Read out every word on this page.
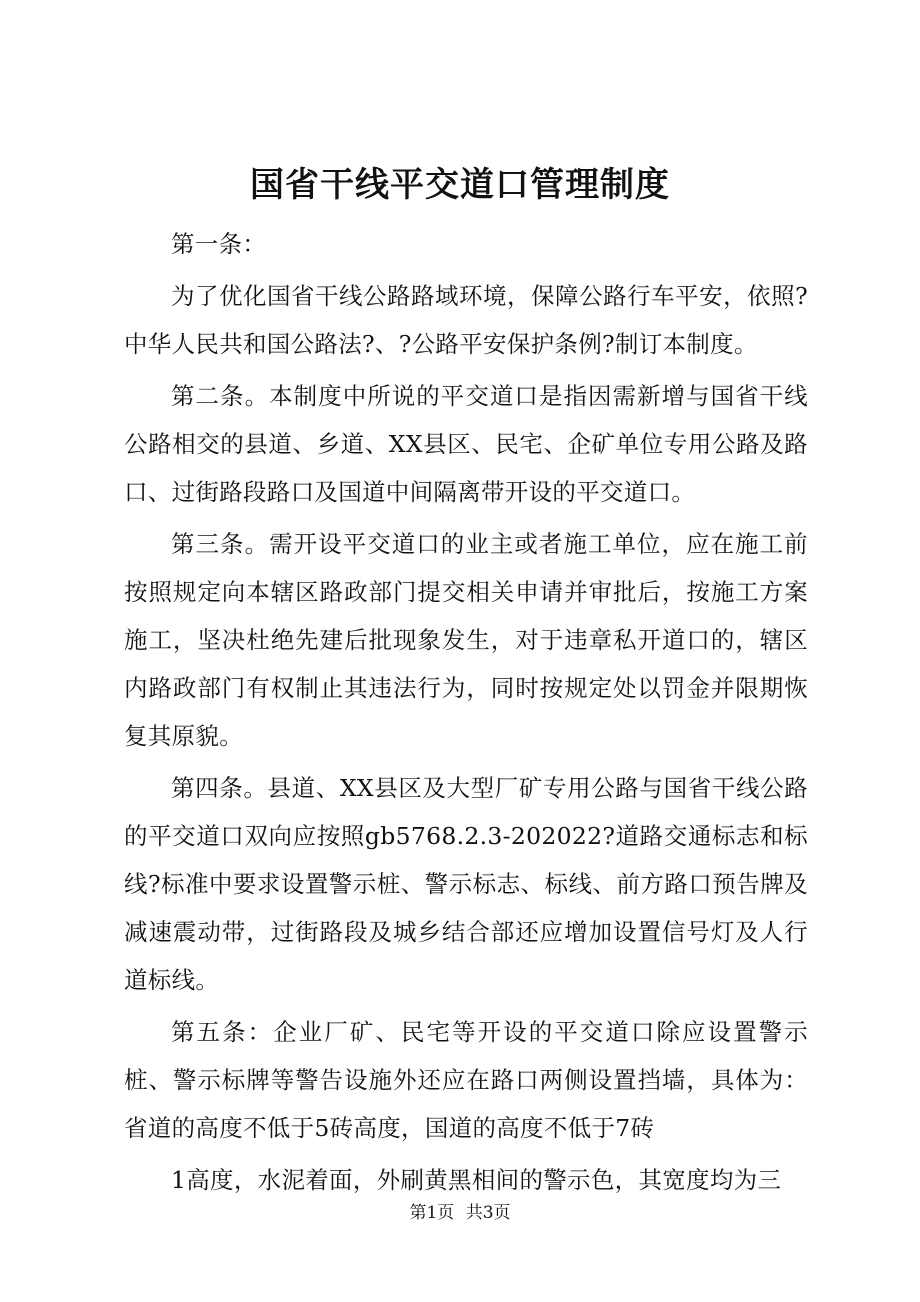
国省干线平交道口管理制度

第一条：

为了优化国省干线公路路域环境，保障公路行车平安，依照?中华人民共和国公路法?、?公路平安保护条例?制订本制度。

第二条。本制度中所说的平交道口是指因需新增与国省干线公路相交的县道、乡道、XX县区、民宅、企矿单位专用公路及路口、过街路段路口及国道中间隔离带开设的平交道口。

第三条。需开设平交道口的业主或者施工单位，应在施工前按照规定向本辖区路政部门提交相关申请并审批后，按施工方案施工，坚决杜绝先建后批现象发生，对于违章私开道口的，辖区内路政部门有权制止其违法行为，同时按规定处以罚金并限期恢复其原貌。

第四条。县道、XX县区及大型厂矿专用公路与国省干线公路的平交道口双向应按照gb5768.2.3-202022?道路交通标志和标线?标准中要求设置警示桩、警示标志、标线、前方路口预告牌及减速震动带，过街路段及城乡结合部还应增加设置信号灯及人行道标线。

第五条：企业厂矿、民宅等开设的平交道口除应设置警示桩、警示标牌等警告设施外还应在路口两侧设置挡墙，具体为：省道的高度不低于5砖高度，国道的高度不低于7砖

1高度，水泥着面，外刷黄黑相间的警示色，其宽度均为三

第1页 共3页
